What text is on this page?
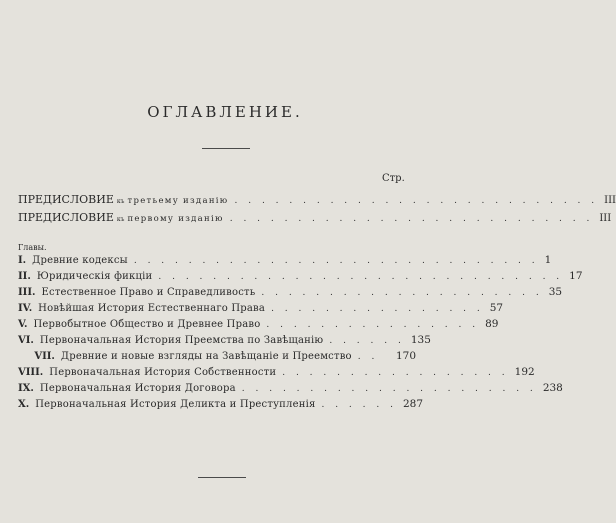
ОГЛАВЛЕНИЕ.
Стр.
ПРЕДИСЛОВИЕ къ третьему изданію . . . . . . . . . . . . . . . . . . . . . . . . . . . III
ПРЕДИСЛОВИЕ къ первому изданію . . . . . . . . . . . . . . . . . . . . . . . . . . . III
Главы.
I. Древние кодексы . . . . . . . . . . . . . . . . . . . . . . . . . . . . . . 1
II. Юридическія фикціи . . . . . . . . . . . . . . . . . . . . . . . . . . . . . . 17
III. Естественное Право и Справедливость . . . . . . . . . . . . . . . . . . . . . 35
IV. Новѣйшая История Естественнаго Права . . . . . . . . . . . . . . . . 57
V. Первобытное Общество и Древнее Право . . . . . . . . . . . . . . . . 89
VI. Первоначальная История Преемства по Завѣщанію . . . . . . 135
VII. Древние и новые взгляды на Завѣщаніе и Преемство . .	170
VIII. Первоначальная История Собственности . . . . . . . . . . . . . . . . . 192
IX. Первоначальная История Договора . . . . . . . . . . . . . . . . . . . . . . 238
X. Первоначальная История Деликта и Преступленія . . . . . . 287
